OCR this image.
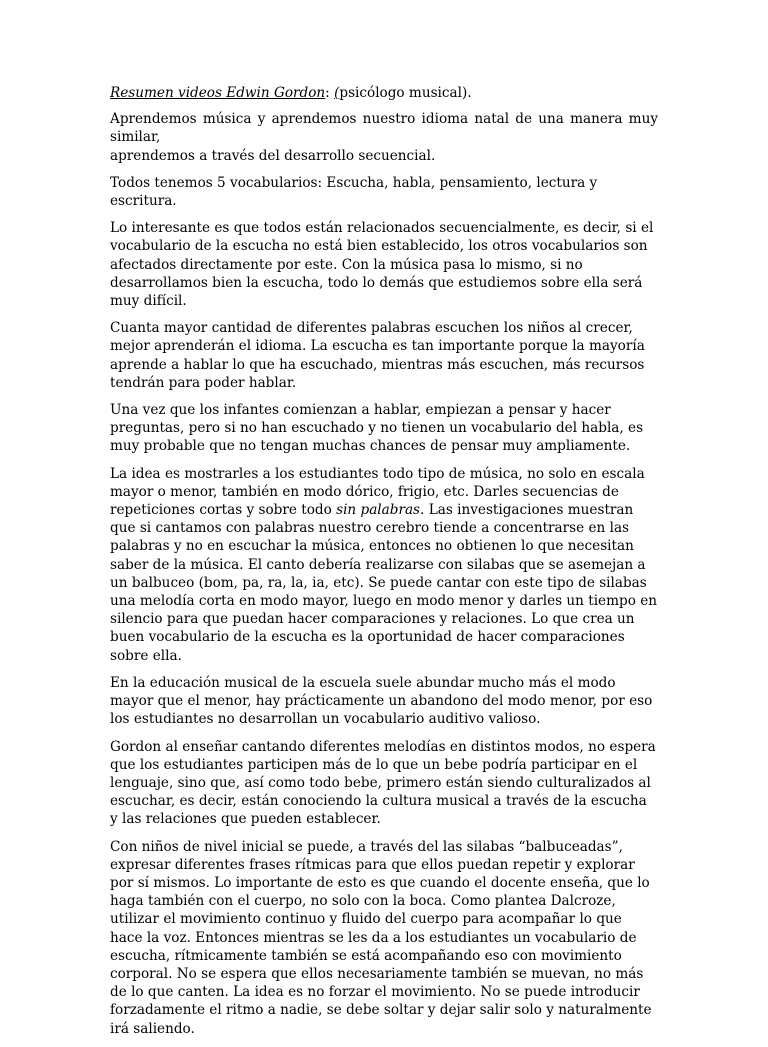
Resumen videos Edwin Gordon: (psicólogo musical).

Aprendemos música y aprendemos nuestro idioma natal de una manera muy similar,
aprendemos a través del desarrollo secuencial.

Todos tenemos 5 vocabularios: Escucha, habla, pensamiento, lectura y escritura.

Lo interesante es que todos están relacionados secuencialmente, es decir, si el vocabulario de la escucha no está bien establecido, los otros vocabularios son afectados directamente por este. Con la música pasa lo mismo, si no desarrollamos bien la escucha, todo lo demás que estudiemos sobre ella será muy difícil.

Cuanta mayor cantidad de diferentes palabras escuchen los niños al crecer, mejor aprenderán el idioma. La escucha es tan importante porque la mayoría aprende a hablar lo que ha escuchado, mientras más escuchen, más recursos tendrán para poder hablar.

Una vez que los infantes comienzan a hablar, empiezan a pensar y hacer preguntas, pero si no han escuchado y no tienen un vocabulario del habla, es muy probable que no tengan muchas chances de pensar muy ampliamente.

La idea es mostrarles a los estudiantes todo tipo de música, no solo en escala mayor o menor, también en modo dórico, frigio, etc. Darles secuencias de repeticiones cortas y sobre todo sin palabras. Las investigaciones muestran que si cantamos con palabras nuestro cerebro tiende a concentrarse en las palabras y no en escuchar la música, entonces no obtienen lo que necesitan saber de la música. El canto debería realizarse con silabas que se asemejan a un balbuceo (bom, pa, ra, la, ia, etc). Se puede cantar con este tipo de silabas una melodía corta en modo mayor, luego en modo menor y darles un tiempo en silencio para que puedan hacer comparaciones y relaciones. Lo que crea un buen vocabulario de la escucha es la oportunidad de hacer comparaciones sobre ella.

En la educación musical de la escuela suele abundar mucho más el modo mayor que el menor, hay prácticamente un abandono del modo menor, por eso los estudiantes no desarrollan un vocabulario auditivo valioso.

Gordon al enseñar cantando diferentes melodías en distintos modos, no espera que los estudiantes participen más de lo que un bebe podría participar en el lenguaje, sino que, así como todo bebe, primero están siendo culturalizados al escuchar, es decir, están conociendo la cultura musical a través de la escucha y las relaciones que pueden establecer.

Con niños de nivel inicial se puede, a través del las silabas “balbuceadas”, expresar diferentes frases rítmicas para que ellos puedan repetir y explorar por sí mismos. Lo importante de esto es que cuando el docente enseña, que lo haga también con el cuerpo, no solo con la boca. Como plantea Dalcroze, utilizar el movimiento continuo y fluido del cuerpo para acompañar lo que hace la voz. Entonces mientras se les da a los estudiantes un vocabulario de escucha, rítmicamente también se está acompañando eso con movimiento corporal. No se espera que ellos necesariamente también se muevan, no más de lo que canten. La idea es no forzar el movimiento. No se puede introducir forzadamente el ritmo a nadie, se debe soltar y dejar salir solo y naturalmente irá saliendo.
